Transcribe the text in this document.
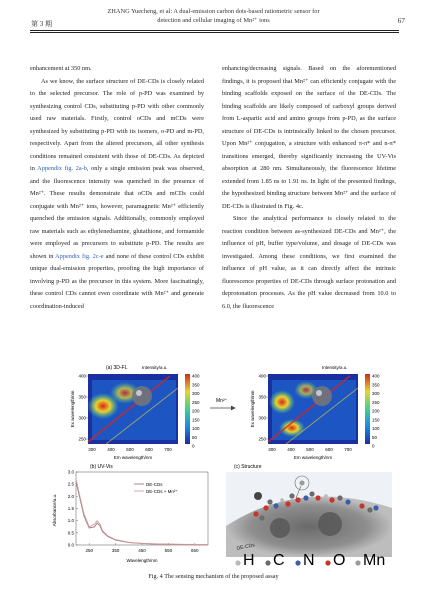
ZHANG Yuecheng, et al: A dual-emission carbon dots-based ratiometric sensor for
第 3 期	detection and cellular imaging of Mn²⁺ ions	67

enhancement at 350 nm.

As we know, the surface structure of DE-CDs is closely related to the selected precursor. The role of p-PD was examined by synthesizing control CDs, substituting p-PD with other commonly used raw materials. Firstly, control oCDs and mCDs were synthesized by substituting p-PD with its isomers, o-PD and m-PD, respectively. Apart from the altered precursors, all other synthesis conditions remained consistent with those of DE-CDs. As depicted in Appendix fig. 2a-b, only a single emission peak was observed, and the fluorescence intensity was quenched in the presence of Mn²⁺. These results demonstrate that oCDs and mCDs could conjugate with Mn²⁺ ions, however, paramagnetic Mn²⁺ efficiently quenched the emission signals. Additionally, commonly employed raw materials such as ethylenediamine, glutathione, and formamide were employed as precursors to substitute p-PD. The results are shown in Appendix fig. 2c-e and none of these control CDs exhibit unique dual-emission properties, proofing the high importance of involving p-PD as the precursor in this system. More fascinatingly, these control CDs cannot even coordinate with Mn²⁺ and generate coordination-induced

enhancing/decreasing signals. Based on the aforementioned findings, it is proposed that Mn²⁺ can efficiently conjugate with the binding scaffolds exposed on the surface of the DE-CDs. The binding scaffolds are likely composed of carboxyl groups derived from L-aspartic acid and amino groups from p-PD, as the surface structure of DE-CDs is intrinsically linked to the chosen precursor. Upon Mn²⁺ conjugation, a structure with enhanced π-π* and n-π* transitions emerged, thereby significantly increasing the UV-Vis absorption at 280 nm. Simultaneously, the fluorescence lifetime extended from 1.85 ns to 1.91 ns. In light of the presented findings, the hypothesized binding structure between Mn²⁺ and the surface of DE-CDs is illustrated in Fig. 4c.

Since the analytical performance is closely related to the reaction condition between as-synthesized DE-CDs and Mn²⁺, the influence of pH, buffer type/volume, and dosage of DE-CDs was investigated. Among these conditions, we first examined the influence of pH value, as it can directly affect the intrinsic fluorescence properties of DE-CDs through surface protonation and deprotonation processes. As the pH value decreased from 10.0 to 6.0, the fluorescence

(a) 3D-FL	Intensity/a.u.
400
350
300
250
200
150
100
50
0
400
350
300
250
300	400	500	600	700
Ex wavelength/nm
Em wavelength/nm
Mn²⁺
Intensity/a.u.
400
350
300
250
200
150
100
50
0
400
350
300
250
300	400	500	600	700
Ex wavelength/nm
Em wavelength/nm
(b) UV-Vis
0.0
0.5
1.0
1.5
2.0
2.5
3.0
250	350	450	550	650
DE-CDs
DE-CDs + Mn²⁺
Absorbance/a.u.
Wavelength/nm
(c) Structure
DE-CDs
H C N O Mn
Fig. 4 The sensing mechanism of the proposed assay
